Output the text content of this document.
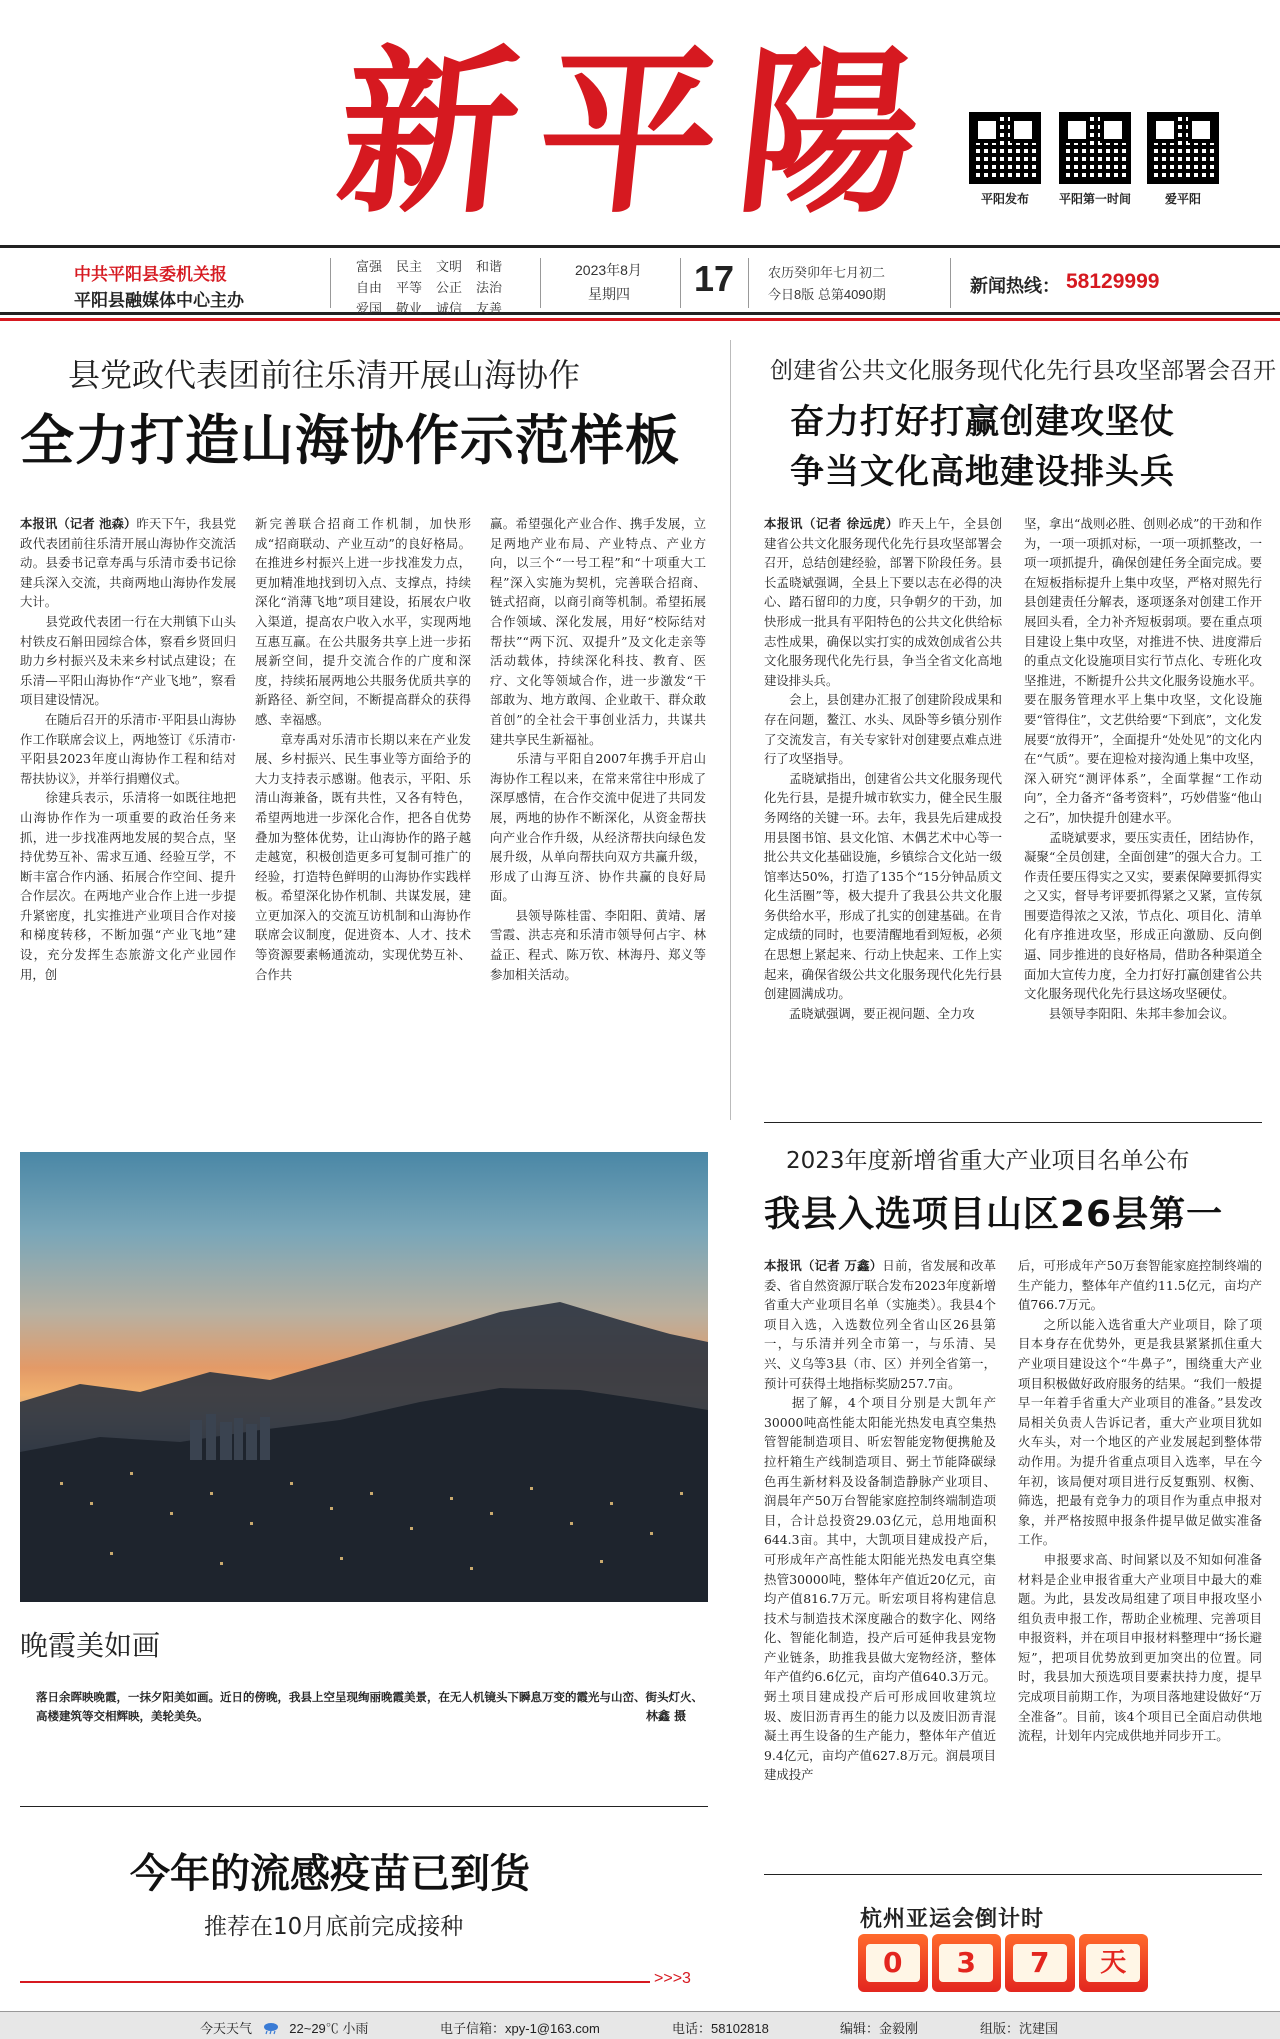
新平陽	平阳发布	平阳第一时间	爱平阳
中共平阳县委机关报
平阳县融媒体中心主办
富强	民主	文明	和谐
自由	平等	公正	法治
爱国	敬业	诚信	友善
2023年8月
星期四 17	农历癸卯年七月初二
今日8版 总第4090期	新闻热线： 58129999
县党政代表团前往乐清开展山海协作
全力打造山海协作示范样板
本报讯（记者 池森）昨天下午，我县党政代表团前往乐清开展山海协作交流活动。县委书记章寿禹与乐清市委书记徐建兵深入交流，共商两地山海协作发展大计。
　　县党政代表团一行在大荆镇下山头村铁皮石斛田园综合体，察看乡贤回归助力乡村振兴及未来乡村试点建设；在乐清—平阳山海协作“产业飞地”，察看项目建设情况。
　　在随后召开的乐清市·平阳县山海协作工作联席会议上，两地签订《乐清市·平阳县2023年度山海协作工程和结对帮扶协议》，并举行捐赠仪式。
　　徐建兵表示，乐清将一如既往地把山海协作作为一项重要的政治任务来抓，进一步找准两地发展的契合点，坚持优势互补、需求互通、经验互学，不断丰富合作内涵、拓展合作空间、提升合作层次。在两地产业合作上进一步提升紧密度，扎实推进产业项目合作对接和梯度转移，不断加强“产业飞地”建设，充分发挥生态旅游文化产业园作用，创
新完善联合招商工作机制，加快形成“招商联动、产业互动”的良好格局。在推进乡村振兴上进一步找准发力点，更加精准地找到切入点、支撑点，持续深化“消薄飞地”项目建设，拓展农户收入渠道，提高农户收入水平，实现两地互惠互赢。在公共服务共享上进一步拓展新空间，提升交流合作的广度和深度，持续拓展两地公共服务优质共享的新路径、新空间，不断提高群众的获得感、幸福感。
　　章寿禹对乐清市长期以来在产业发展、乡村振兴、民生事业等方面给予的大力支持表示感谢。他表示，平阳、乐清山海兼备，既有共性，又各有特色，希望两地进一步深化合作，把各自优势叠加为整体优势，让山海协作的路子越走越宽，积极创造更多可复制可推广的经验，打造特色鲜明的山海协作实践样板。希望深化协作机制、共谋发展，建立更加深入的交流互访机制和山海协作联席会议制度，促进资本、人才、技术等资源要素畅通流动，实现优势互补、合作共
赢。希望强化产业合作、携手发展，立足两地产业布局、产业特点、产业方向，以三个“一号工程”和“十项重大工程”深入实施为契机，完善联合招商、链式招商，以商引商等机制。希望拓展合作领域、深化发展，用好“校际结对帮扶”“两下沉、双提升”及文化走亲等活动载体，持续深化科技、教育、医疗、文化等领域合作，进一步激发“干部敢为、地方敢闯、企业敢干、群众敢首创”的全社会干事创业活力，共谋共建共享民生新福祉。
　　乐清与平阳自2007年携手开启山海协作工程以来，在常来常往中形成了深厚感情，在合作交流中促进了共同发展，两地的协作不断深化，从资金帮扶向产业合作升级，从经济帮扶向绿色发展升级，从单向帮扶向双方共赢升级，形成了山海互济、协作共赢的良好局面。
　　县领导陈桂雷、李阳阳、黄靖、屠雪霞、洪志亮和乐清市领导何占宇、林益正、程式、陈万钦、林海丹、郑义等参加相关活动。
创建省公共文化服务现代化先行县攻坚部署会召开
奋力打好打赢创建攻坚仗
争当文化高地建设排头兵
本报讯（记者 徐远虎）昨天上午，全县创建省公共文化服务现代化先行县攻坚部署会召开，总结创建经验，部署下阶段任务。县长孟晓斌强调，全县上下要以志在必得的决心、踏石留印的力度，只争朝夕的干劲，加快形成一批具有平阳特色的公共文化供给标志性成果，确保以实打实的成效创成省公共文化服务现代化先行县，争当全省文化高地建设排头兵。
　　会上，县创建办汇报了创建阶段成果和存在问题，鳌江、水头、凤卧等乡镇分别作了交流发言，有关专家针对创建要点难点进行了攻坚指导。
　　孟晓斌指出，创建省公共文化服务现代化先行县，是提升城市软实力，健全民生服务网络的关键一环。去年，我县先后建成投用县图书馆、县文化馆、木偶艺术中心等一批公共文化基础设施，乡镇综合文化站一级馆率达50%，打造了135个“15分钟品质文化生活圈”等，极大提升了我县公共文化服务供给水平，形成了扎实的创建基础。在肯定成绩的同时，也要清醒地看到短板，必须在思想上紧起来、行动上快起来、工作上实起来，确保省级公共文化服务现代化先行县创建圆满成功。
　　孟晓斌强调，要正视问题、全力攻
坚，拿出“战则必胜、创则必成”的干劲和作为，一项一项抓对标，一项一项抓整改，一项一项抓提升，确保创建任务全面完成。要在短板指标提升上集中攻坚，严格对照先行县创建责任分解表，逐项逐条对创建工作开展回头看，全力补齐短板弱项。要在重点项目建设上集中攻坚，对推进不快、进度滞后的重点文化设施项目实行节点化、专班化攻坚推进，不断提升公共文化服务设施水平。要在服务管理水平上集中攻坚，文化设施要“管得住”，文艺供给要“下到底”，文化发展要“放得开”，全面提升“处处见”的文化内在“气质”。要在迎检对接沟通上集中攻坚，深入研究“测评体系”，全面掌握“工作动向”，全力备齐“备考资料”，巧妙借鉴“他山之石”，加快提升创建水平。
　　孟晓斌要求，要压实责任，团结协作，凝聚“全员创建，全面创建”的强大合力。工作责任要压得实之又实，要素保障要抓得实之又实，督导考评要抓得紧之又紧，宣传氛围要造得浓之又浓，节点化、项目化、清单化有序推进攻坚，形成正向激励、反向倒逼、同步推进的良好格局，借助各种渠道全面加大宣传力度，全力打好打赢创建省公共文化服务现代化先行县这场攻坚硬仗。
　　县领导李阳阳、朱邦丰参加会议。
晚霞美如画
落日余晖映晚霞，一抹夕阳美如画。近日的傍晚，我县上空呈现绚丽晚霞美景，在无人机镜头下瞬息万变的霞光与山峦、街头灯火、高楼建筑等交相辉映，美轮美奂。	林鑫 摄
2023年度新增省重大产业项目名单公布
我县入选项目山区26县第一
本报讯（记者 万鑫）日前，省发展和改革委、省自然资源厅联合发布2023年度新增省重大产业项目名单（实施类）。我县4个项目入选，入选数位列全省山区26县第一，与乐清并列全市第一，与乐清、吴兴、义乌等3县（市、区）并列全省第一，预计可获得土地指标奖励257.7亩。
　　据了解，4个项目分别是大凯年产30000吨高性能太阳能光热发电真空集热管智能制造项目、昕宏智能宠物便携舱及拉杆箱生产线制造项目、弼土节能降碳绿色再生新材料及设备制造静脉产业项目、润晨年产50万台智能家庭控制终端制造项目，合计总投资29.03亿元，总用地面积644.3亩。其中，大凯项目建成投产后，可形成年产高性能太阳能光热发电真空集热管30000吨，整体年产值近20亿元，亩均产值816.7万元。昕宏项目将构建信息技术与制造技术深度融合的数字化、网络化、智能化制造，投产后可延伸我县宠物产业链条，助推我县做大宠物经济，整体年产值约6.6亿元，亩均产值640.3万元。弼土项目建成投产后可形成回收建筑垃圾、废旧沥青再生的能力以及废旧沥青混凝土再生设备的生产能力，整体年产值近9.4亿元，亩均产值627.8万元。润晨项目建成投产
后，可形成年产50万套智能家庭控制终端的生产能力，整体年产值约11.5亿元，亩均产值766.7万元。
　　之所以能入选省重大产业项目，除了项目本身存在优势外，更是我县紧紧抓住重大产业项目建设这个“牛鼻子”，围绕重大产业项目积极做好政府服务的结果。“我们一般提早一年着手省重大产业项目的准备。”县发改局相关负责人告诉记者，重大产业项目犹如火车头，对一个地区的产业发展起到整体带动作用。为提升省重点项目入选率，早在今年初，该局便对项目进行反复甄别、权衡、筛选，把最有竞争力的项目作为重点申报对象，并严格按照申报条件提早做足做实准备工作。
　　申报要求高、时间紧以及不知如何准备材料是企业申报省重大产业项目中最大的难题。为此，县发改局组建了项目申报攻坚小组负责申报工作，帮助企业梳理、完善项目申报资料，并在项目申报材料整理中“扬长避短”，把项目优势放到更加突出的位置。同时，我县加大预选项目要素扶持力度，提早完成项目前期工作，为项目落地建设做好“万全准备”。目前，该4个项目已全面启动供地流程，计划年内完成供地并同步开工。
今年的流感疫苗已到货
推荐在10月底前完成接种
>>>3
杭州亚运会倒计时
0	3	7	天
今天天气	22~29℃ 小雨	电子信箱：xpy-1@163.com	电话：58102818	编辑：金毅刚	组版：沈建国
